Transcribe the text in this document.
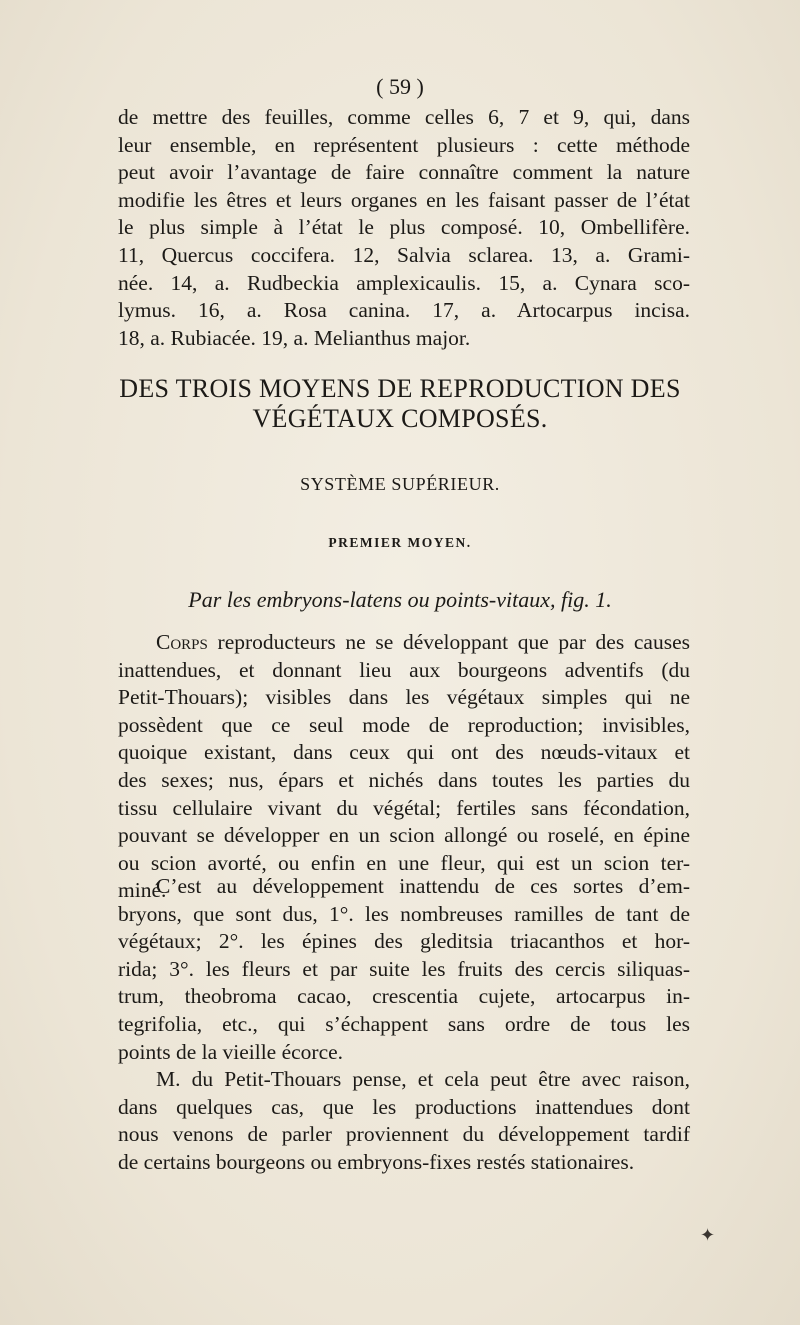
( 59 )
de mettre des feuilles, comme celles 6, 7 et 9, qui, dans
leur ensemble, en représentent plusieurs : cette méthode
peut avoir l’avantage de faire connaître comment la nature
modifie les êtres et leurs organes en les faisant passer de l’état
le plus simple à l’état le plus composé. 10, Ombellifère.
11, Quercus coccifera. 12, Salvia sclarea. 13, a. Grami-
née. 14, a. Rudbeckia amplexicaulis. 15, a. Cynara sco-
lymus. 16, a. Rosa canina. 17, a. Artocarpus incisa.
18, a. Rubiacée. 19, a. Melianthus major.
DES TROIS MOYENS DE REPRODUCTION DES
VÉGÉTAUX COMPOSÉS.
SYSTÈME SUPÉRIEUR.
PREMIER MOYEN.
Par les embryons-latens ou points-vitaux, fig. 1.
Corps reproducteurs ne se développant que par des causes
inattendues, et donnant lieu aux bourgeons adventifs (du
Petit-Thouars); visibles dans les végétaux simples qui ne
possèdent que ce seul mode de reproduction; invisibles,
quoique existant, dans ceux qui ont des nœuds-vitaux et
des sexes; nus, épars et nichés dans toutes les parties du
tissu cellulaire vivant du végétal; fertiles sans fécondation,
pouvant se développer en un scion allongé ou roselé, en épine
ou scion avorté, ou enfin en une fleur, qui est un scion ter-
miné.
C’est au développement inattendu de ces sortes d’em-
bryons, que sont dus, 1°. les nombreuses ramilles de tant de
végétaux; 2°. les épines des gleditsia triacanthos et hor-
rida; 3°. les fleurs et par suite les fruits des cercis siliquas-
trum, theobroma cacao, crescentia cujete, artocarpus in-
tegrifolia, etc., qui s’échappent sans ordre de tous les
points de la vieille écorce.
M. du Petit-Thouars pense, et cela peut être avec raison,
dans quelques cas, que les productions inattendues dont
nous venons de parler proviennent du développement tardif
de certains bourgeons ou embryons-fixes restés stationaires.
✦
